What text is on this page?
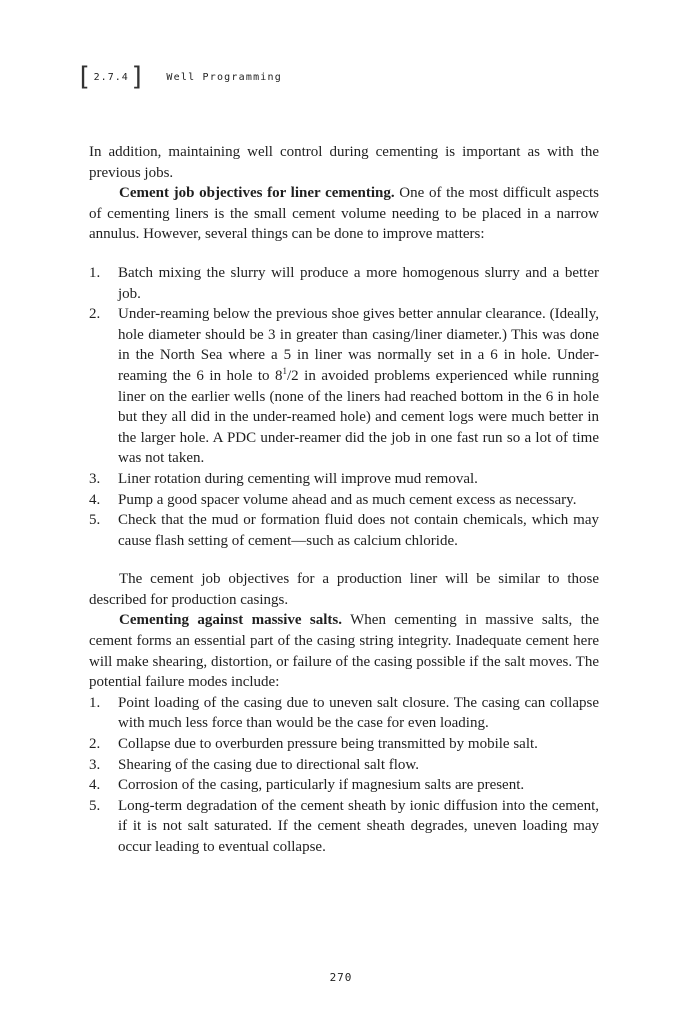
[ 2.7.4 ] Well Programming

In addition, maintaining well control during cementing is important as with the previous jobs.

Cement job objectives for liner cementing. One of the most difficult aspects of cementing liners is the small cement volume needing to be placed in a narrow annulus. However, several things can be done to improve matters:

1. Batch mixing the slurry will produce a more homogenous slurry and a better job.
2. Under-reaming below the previous shoe gives better annular clearance. (Ideally, hole diameter should be 3 in greater than casing/liner diameter.) This was done in the North Sea where a 5 in liner was normally set in a 6 in hole. Under-reaming the 6 in hole to $8^1/2$ in avoided problems experienced while running liner on the earlier wells (none of the liners had reached bottom in the 6 in hole but they all did in the under-reamed hole) and cement logs were much better in the larger hole. A PDC under-reamer did the job in one fast run so a lot of time was not taken.
3. Liner rotation during cementing will improve mud removal.
4. Pump a good spacer volume ahead and as much cement excess as necessary.
5. Check that the mud or formation fluid does not contain chemicals, which may cause flash setting of cement—such as calcium chloride.

The cement job objectives for a production liner will be similar to those described for production casings.

Cementing against massive salts. When cementing in massive salts, the cement forms an essential part of the casing string integrity. Inadequate cement here will make shearing, distortion, or failure of the casing possible if the salt moves. The potential failure modes include:

1. Point loading of the casing due to uneven salt closure. The casing can collapse with much less force than would be the case for even loading.
2. Collapse due to overburden pressure being transmitted by mobile salt.
3. Shearing of the casing due to directional salt flow.
4. Corrosion of the casing, particularly if magnesium salts are present.
5. Long-term degradation of the cement sheath by ionic diffusion into the cement, if it is not salt saturated. If the cement sheath degrades, uneven loading may occur leading to eventual collapse.
270
